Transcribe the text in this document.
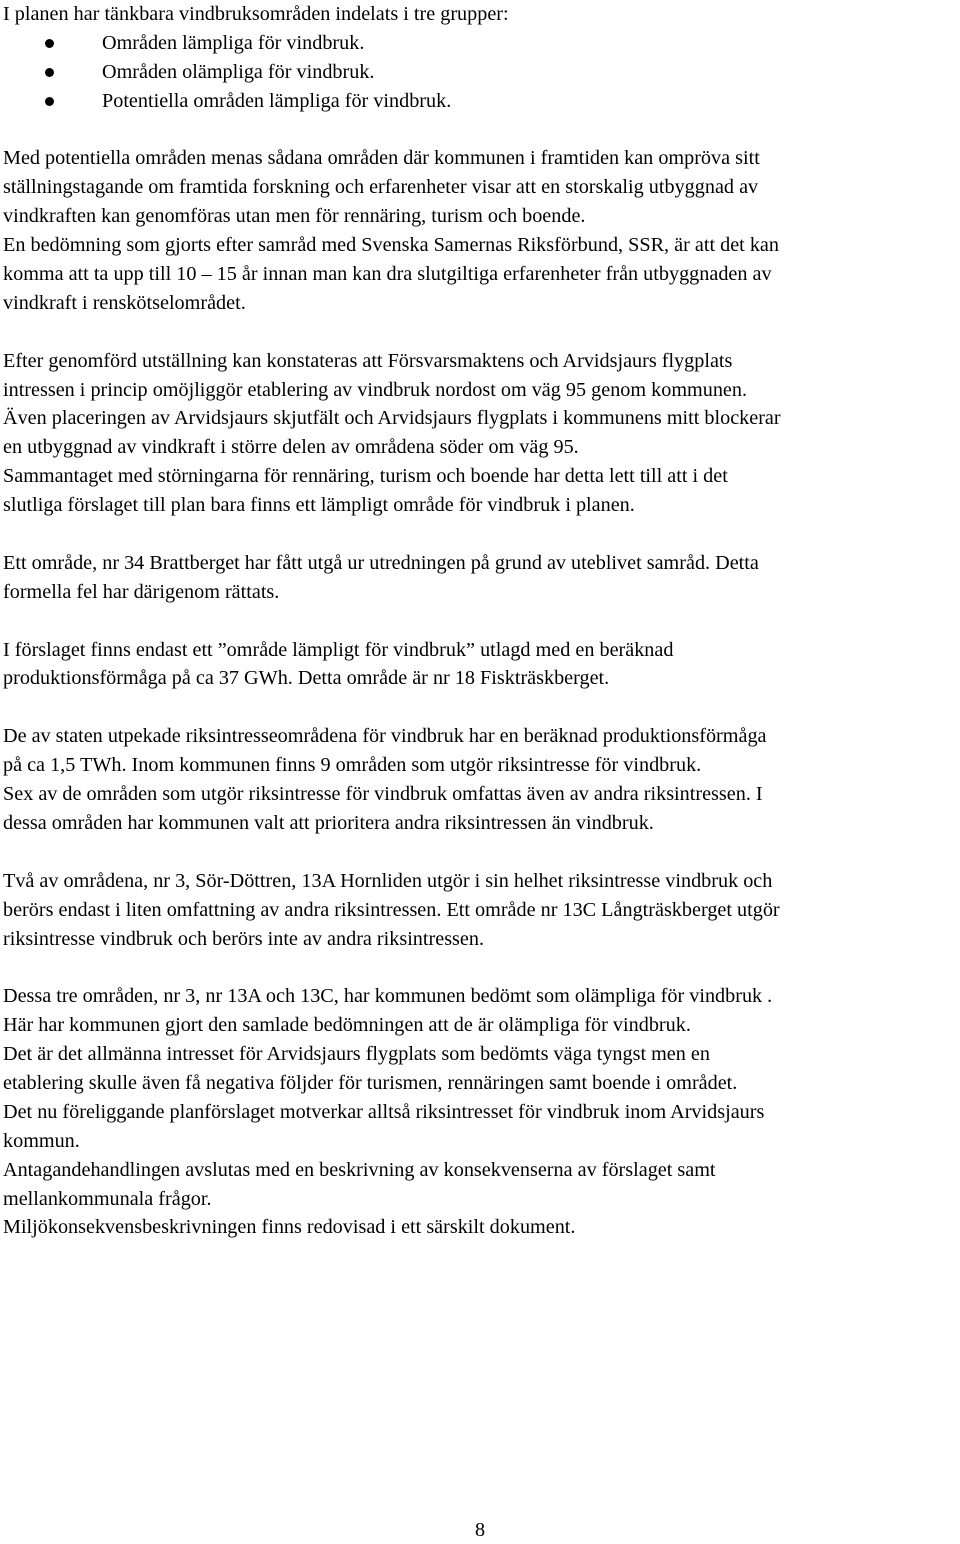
I planen har tänkbara vindbruksområden indelats i tre grupper:
Områden lämpliga för vindbruk.
Områden olämpliga för vindbruk.
Potentiella områden lämpliga för vindbruk.
Med potentiella områden menas sådana områden där kommunen i framtiden kan ompröva sitt
ställningstagande om framtida forskning och erfarenheter visar att en storskalig utbyggnad av
vindkraften kan genomföras utan men för rennäring, turism och boende.
En bedömning som gjorts efter samråd med Svenska Samernas Riksförbund, SSR, är att det kan
komma att ta upp till 10 – 15 år innan man kan dra slutgiltiga erfarenheter från utbyggnaden av
vindkraft i renskötselområdet.
Efter genomförd utställning kan konstateras att Försvarsmaktens och Arvidsjaurs flygplats
intressen i princip omöjliggör etablering av vindbruk nordost om väg 95 genom kommunen.
Även placeringen av Arvidsjaurs skjutfält och Arvidsjaurs flygplats i kommunens mitt blockerar
en utbyggnad av vindkraft i större delen av områdena söder om väg 95.
Sammantaget med störningarna för rennäring, turism och boende har detta lett till att i det
slutliga förslaget till plan bara finns ett lämpligt område för vindbruk i planen.
Ett område, nr 34 Brattberget har fått utgå ur utredningen på grund av uteblivet samråd. Detta
formella fel har därigenom rättats.
I förslaget finns endast ett ”område lämpligt för vindbruk” utlagd med en beräknad
produktionsförmåga på ca 37 GWh. Detta område är nr 18 Fiskträskberget.
De av staten utpekade riksintresseområdena för vindbruk har en beräknad produktionsförmåga
på ca 1,5 TWh. Inom kommunen finns 9 områden som utgör riksintresse för vindbruk.
Sex av de områden som utgör riksintresse för vindbruk omfattas även av andra riksintressen. I
dessa områden har kommunen valt att prioritera andra riksintressen än vindbruk.
Två av områdena, nr 3, Sör-Döttren, 13A Hornliden utgör i sin helhet riksintresse vindbruk och
berörs endast i liten omfattning av andra riksintressen. Ett område nr 13C Långträskberget utgör
riksintresse vindbruk och berörs inte av andra riksintressen.
Dessa tre områden, nr 3, nr 13A och 13C, har kommunen bedömt som olämpliga för vindbruk .
Här har kommunen gjort den samlade bedömningen att de är olämpliga för vindbruk.
Det är det allmänna intresset för Arvidsjaurs flygplats som bedömts väga tyngst men en
etablering skulle även få negativa följder för turismen, rennäringen samt boende i området.
Det nu föreliggande planförslaget motverkar alltså riksintresset för vindbruk inom Arvidsjaurs
kommun.
Antagandehandlingen avslutas med en beskrivning av konsekvenserna av förslaget samt
mellankommunala frågor.
Miljökonsekvensbeskrivningen finns redovisad i ett särskilt dokument.
8
